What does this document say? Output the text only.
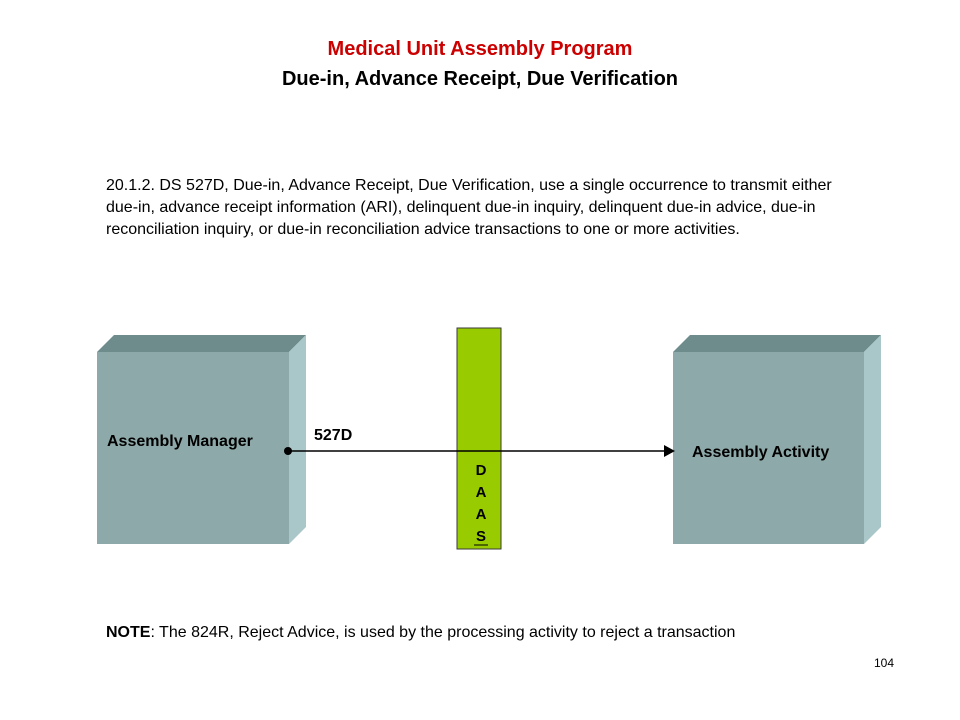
Medical Unit Assembly Program
Due-in, Advance Receipt, Due Verification
20.1.2. DS 527D, Due-in, Advance Receipt, Due Verification, use a single occurrence to transmit either due-in, advance receipt information (ARI), delinquent due-in inquiry, delinquent due-in advice, due-in reconciliation inquiry, or due-in reconciliation advice transactions to one or more activities.
Assembly Manager
Assembly Activity
D
A
A
S
527D
NOTE: The 824R, Reject Advice, is used by the processing activity to reject a transaction
104
